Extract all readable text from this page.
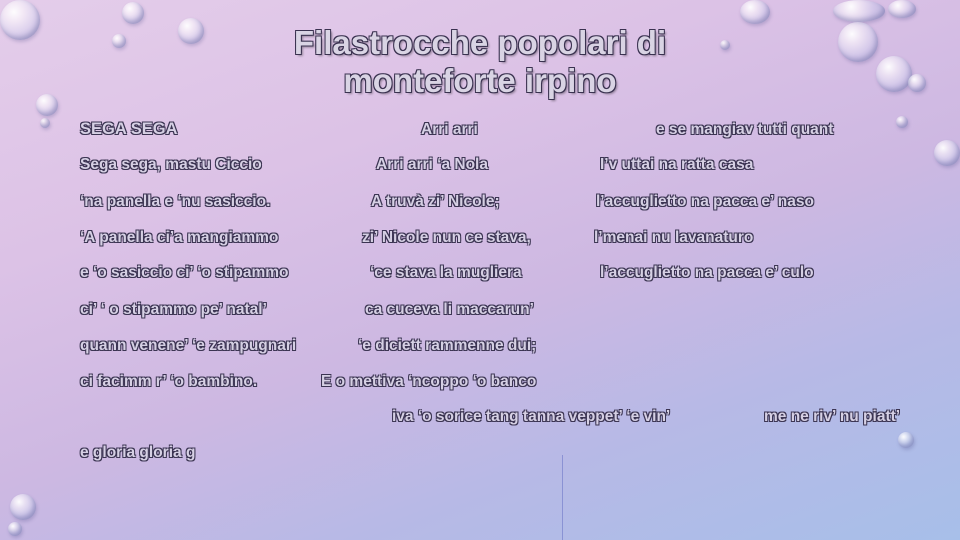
Filastrocche popolari di
monteforte irpino
SEGA SEGA
Sega sega, mastu Ciccio
‘na panella e ‘nu sasiccio.
‘A panella ci’a mangiammo
e ‘o sasiccio ci’ ‘o stipammo
ci’ ‘ o stipammo pe’ natal’
quann venene’ ‘e zampugnari
ci facimm r’ ‘o bambino.
e gloria gloria g
Arri arri
Arri arri ‘a Nola
A truvà zi’ Nicole;
zi’ Nicole nun ce stava,
‘ce stava la mugliera
ca cuceva li maccarun’
‘e diciett rammenne dui;
E o mettiva ‘ncoppo ‘o banco
iva ‘o sorice tang tanna veppet’ ‘e vin’
e se mangiav tutti quant
I’v uttai na ratta casa
l’accuglietto na pacca e’ naso
l’menai nu lavanaturo
l’accuglietto na pacca e’ culo
me ne riv’ nu piatt’
